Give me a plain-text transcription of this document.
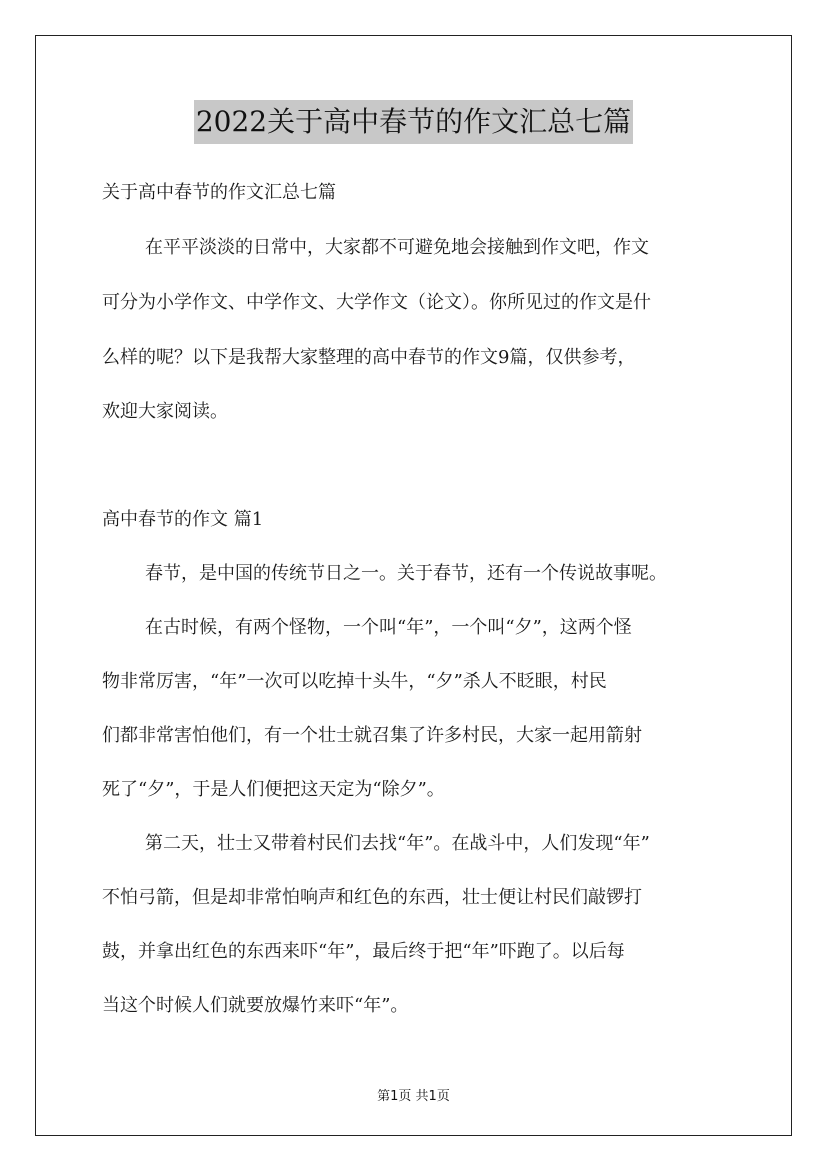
2022关于高中春节的作文汇总七篇
关于高中春节的作文汇总七篇
在平平淡淡的日常中，大家都不可避免地会接触到作文吧，作文
可分为小学作文、中学作文、大学作文（论文）。你所见过的作文是什
么样的呢？以下是我帮大家整理的高中春节的作文9篇，仅供参考，
欢迎大家阅读。
高中春节的作文 篇1
春节，是中国的传统节日之一。关于春节，还有一个传说故事呢。
在古时候，有两个怪物，一个叫“年”，一个叫“夕”，这两个怪
物非常厉害，“年”一次可以吃掉十头牛，“夕”杀人不眨眼，村民
们都非常害怕他们，有一个壮士就召集了许多村民，大家一起用箭射
死了“夕”，于是人们便把这天定为“除夕”。
第二天，壮士又带着村民们去找“年”。在战斗中，人们发现“年”
不怕弓箭，但是却非常怕响声和红色的东西，壮士便让村民们敲锣打
鼓，并拿出红色的东西来吓“年”，最后终于把“年”吓跑了。以后每
当这个时候人们就要放爆竹来吓“年”。
第1页 共1页
